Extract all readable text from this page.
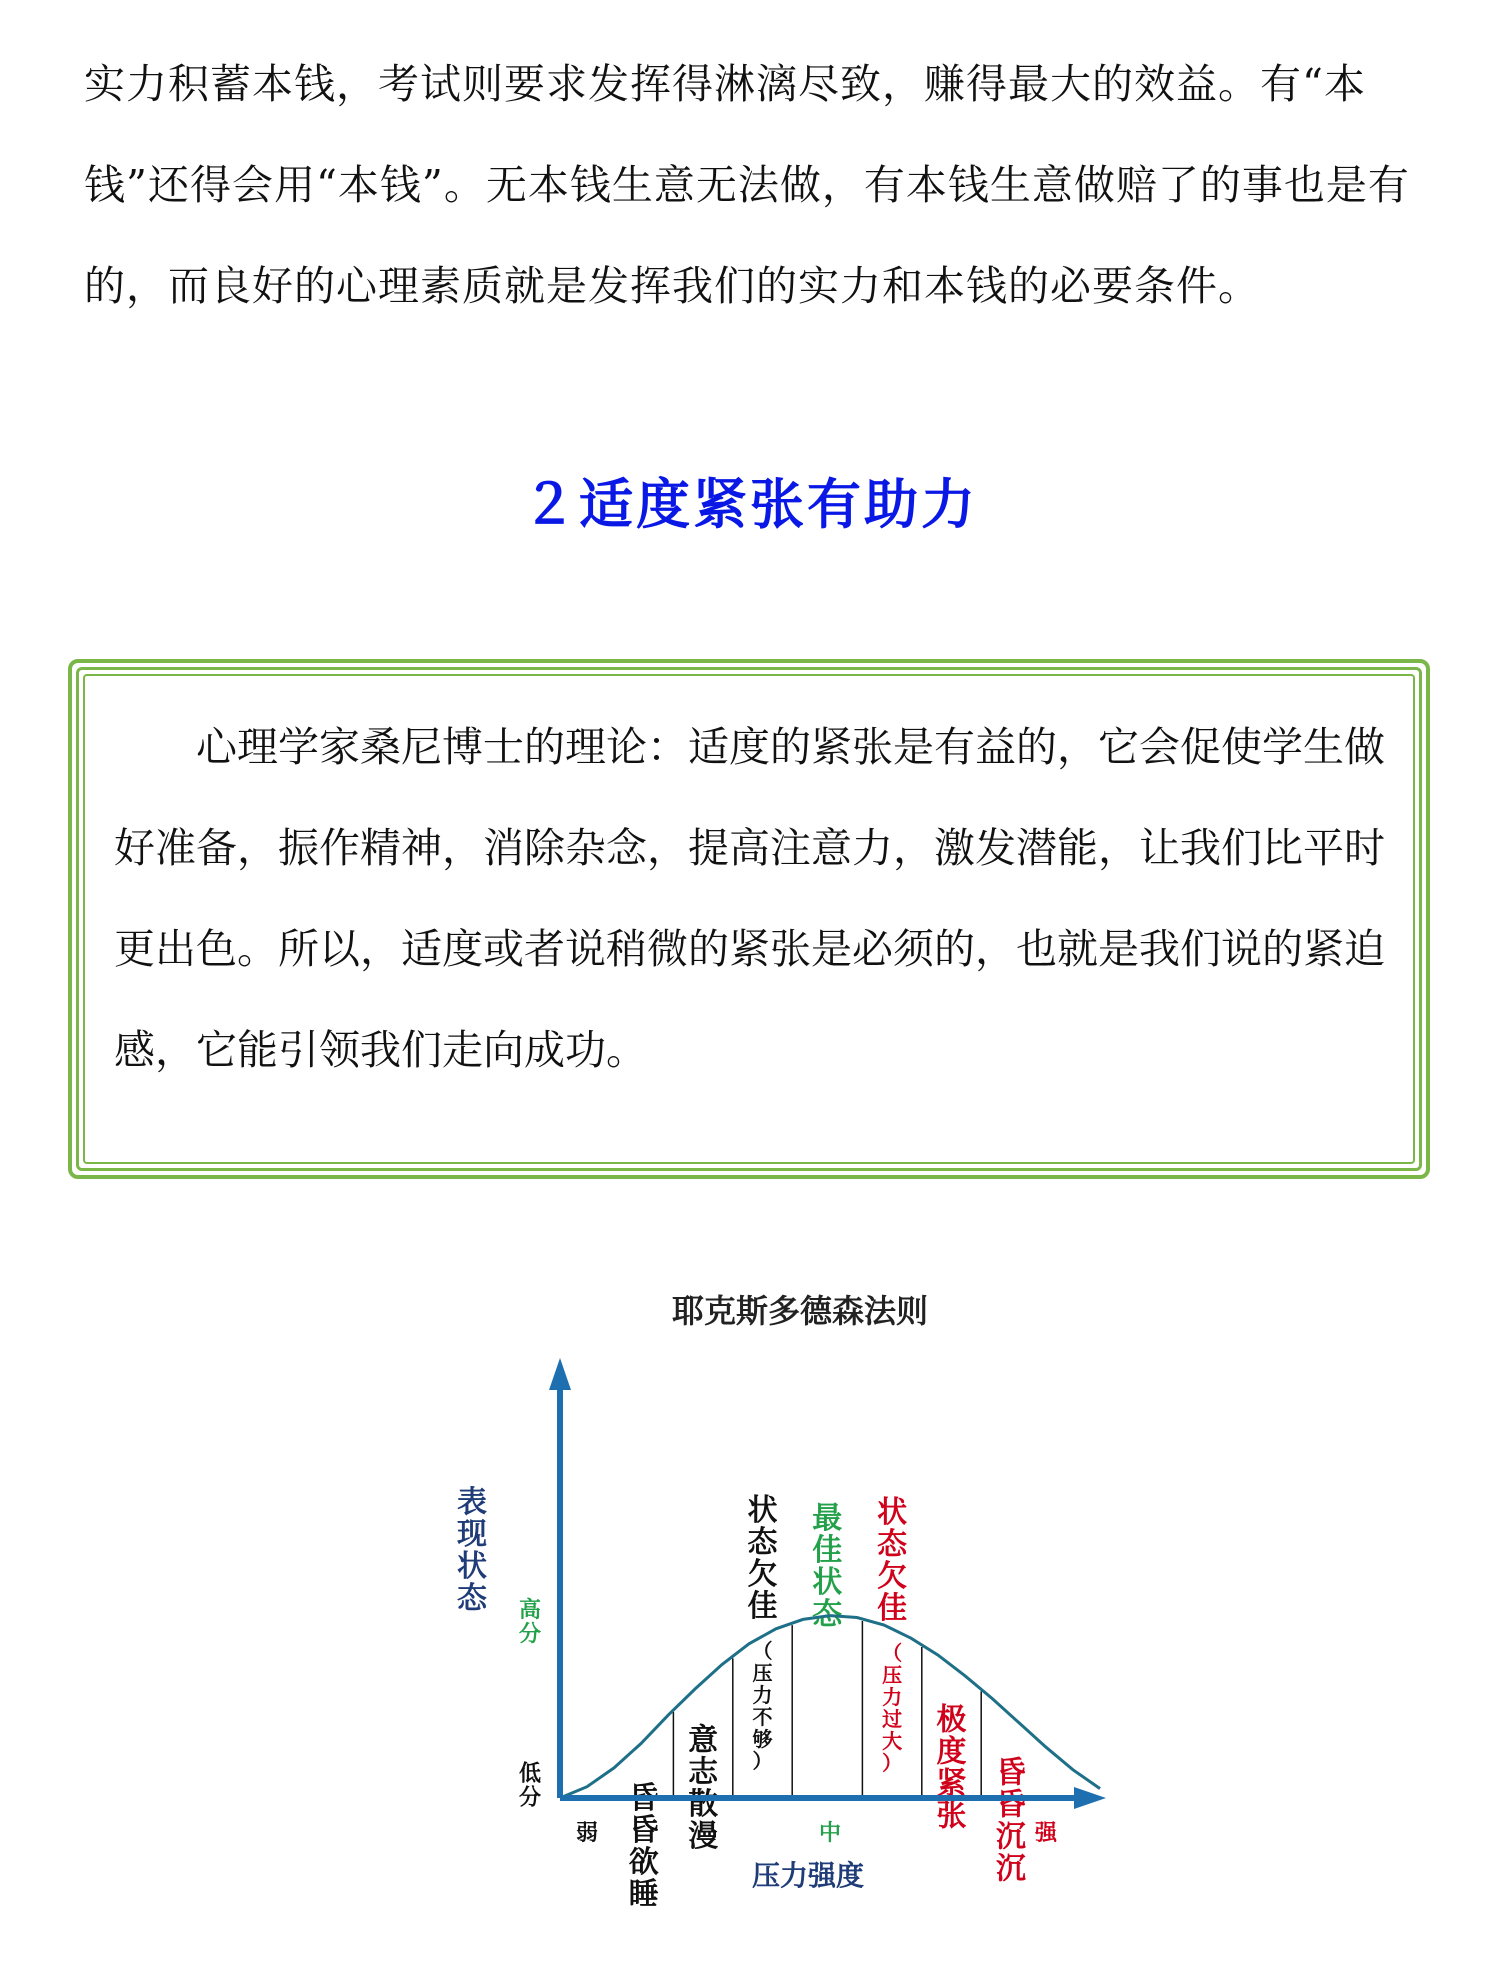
实力积蓄本钱，考试则要求发挥得淋漓尽致，赚得最大的效益。有“本钱”还得会用“本钱”。无本钱生意无法做，有本钱生意做赔了的事也是有的，而良好的心理素质就是发挥我们的实力和本钱的必要条件。

２适度紧张有助力

心理学家桑尼博士的理论：适度的紧张是有益的，它会促使学生做好准备，振作精神，消除杂念，提高注意力，激发潜能，让我们比平时更出色。所以，适度或者说稍微的紧张是必须的，也就是我们说的紧迫感，它能引领我们走向成功。

耶克斯多德森法则
昏昏欲睡
意志散漫
状态欠佳
（压力不够）
最佳状态
状态欠佳
（压力过大）
极度紧张
昏昏沉沉
弱	中	强
高分
低分
表现状态
压力强度
